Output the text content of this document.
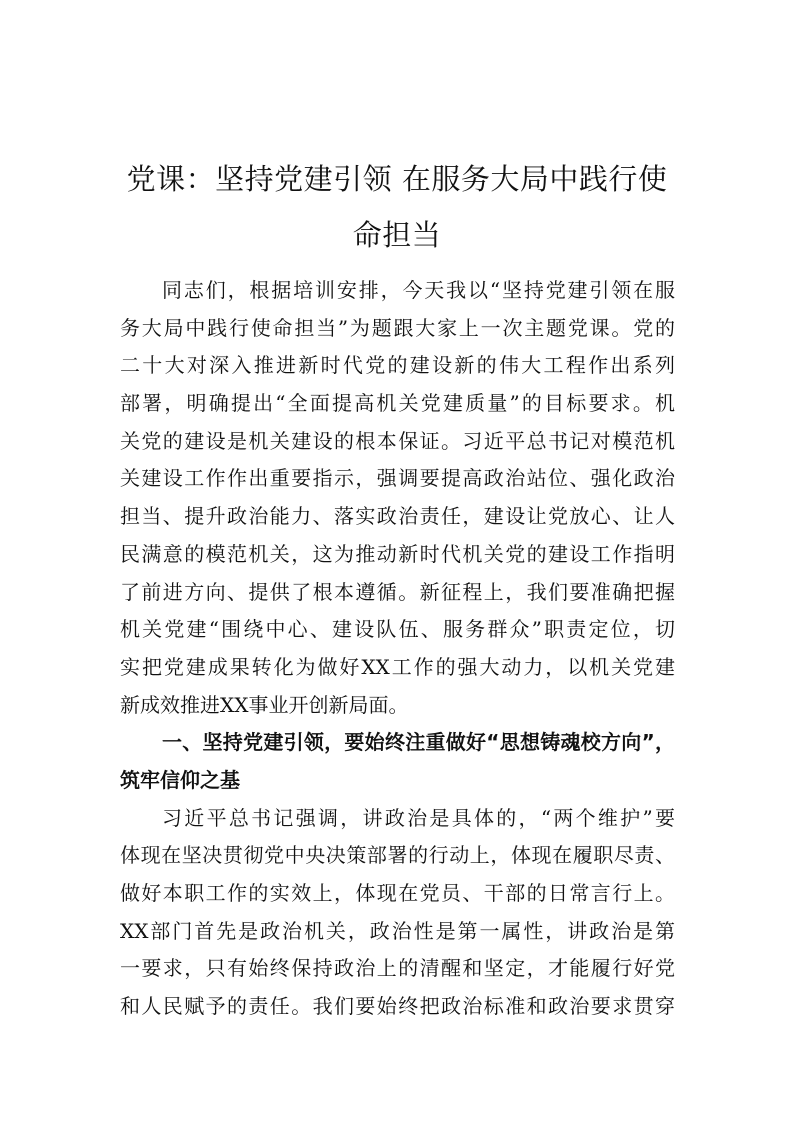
党课：坚持党建引领 在服务大局中践行使
命担当
同志们，根据培训安排，今天我以“坚持党建引领在服
务大局中践行使命担当”为题跟大家上一次主题党课。党的
二十大对深入推进新时代党的建设新的伟大工程作出系列
部署，明确提出“全面提高机关党建质量”的目标要求。机
关党的建设是机关建设的根本保证。习近平总书记对模范机
关建设工作作出重要指示，强调要提高政治站位、强化政治
担当、提升政治能力、落实政治责任，建设让党放心、让人
民满意的模范机关，这为推动新时代机关党的建设工作指明
了前进方向、提供了根本遵循。新征程上，我们要准确把握
机关党建“围绕中心、建设队伍、服务群众”职责定位，切
实把党建成果转化为做好XX工作的强大动力，以机关党建
新成效推进XX事业开创新局面。
一、坚持党建引领，要始终注重做好“思想铸魂校方向”，
筑牢信仰之基
习近平总书记强调，讲政治是具体的，“两个维护”要
体现在坚决贯彻党中央决策部署的行动上，体现在履职尽责、
做好本职工作的实效上，体现在党员、干部的日常言行上。
XX部门首先是政治机关，政治性是第一属性，讲政治是第
一要求，只有始终保持政治上的清醒和坚定，才能履行好党
和人民赋予的责任。我们要始终把政治标准和政治要求贯穿
